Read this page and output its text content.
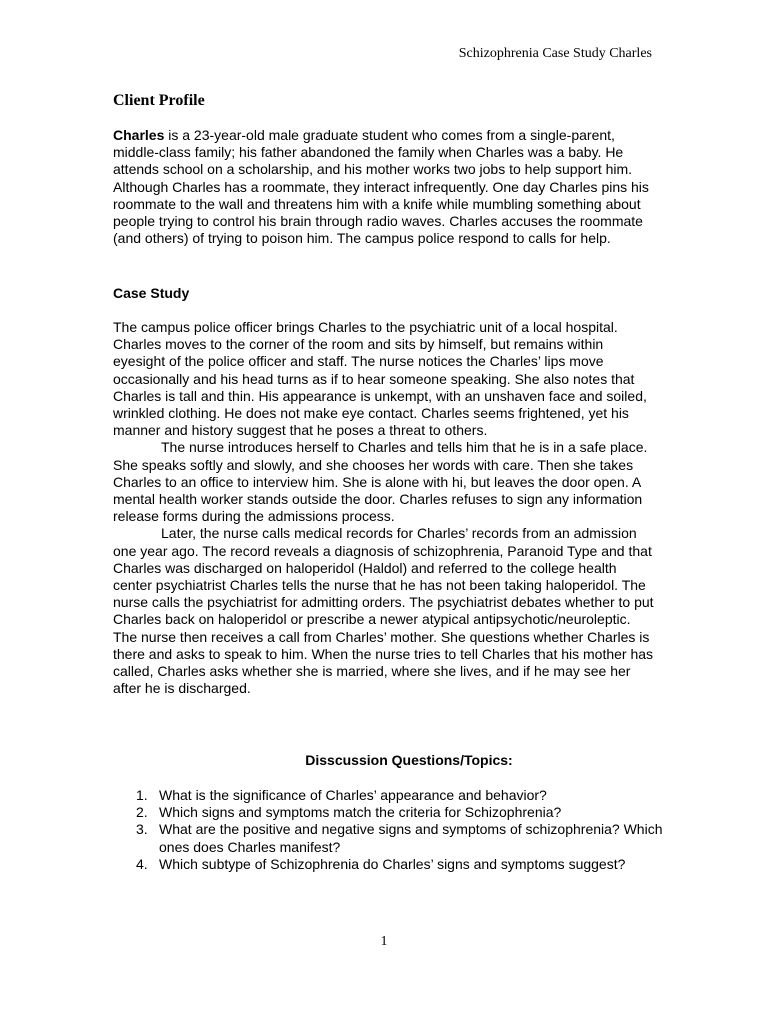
Schizophrenia Case Study Charles
Client Profile

Charles is a 23-year-old male graduate student who comes from a single-parent, middle-class family; his father abandoned the family when Charles was a baby. He attends school on a scholarship, and his mother works two jobs to help support him. Although Charles has a roommate, they interact infrequently. One day Charles pins his roommate to the wall and threatens him with a knife while mumbling something about people trying to control his brain through radio waves. Charles accuses the roommate (and others) of trying to poison him. The campus police respond to calls for help.

Case Study

The campus police officer brings Charles to the psychiatric unit of a local hospital. Charles moves to the corner of the room and sits by himself, but remains within eyesight of the police officer and staff. The nurse notices the Charles’ lips move occasionally and his head turns as if to hear someone speaking. She also notes that Charles is tall and thin. His appearance is unkempt, with an unshaven face and soiled, wrinkled clothing. He does not make eye contact. Charles seems frightened, yet his manner and history suggest that he poses a threat to others.

The nurse introduces herself to Charles and tells him that he is in a safe place. She speaks softly and slowly, and she chooses her words with care. Then she takes Charles to an office to interview him. She is alone with hi, but leaves the door open. A mental health worker stands outside the door. Charles refuses to sign any information release forms during the admissions process.

Later, the nurse calls medical records for Charles’ records from an admission one year ago. The record reveals a diagnosis of schizophrenia, Paranoid Type and that Charles was discharged on haloperidol (Haldol) and referred to the college health center psychiatrist Charles tells the nurse that he has not been taking haloperidol. The nurse calls the psychiatrist for admitting orders. The psychiatrist debates whether to put Charles back on haloperidol or prescribe a newer atypical antipsychotic/neuroleptic. The nurse then receives a call from Charles’ mother. She questions whether Charles is there and asks to speak to him. When the nurse tries to tell Charles that his mother has called, Charles asks whether she is married, where she lives, and if he may see her after he is discharged.

Disscussion Questions/Topics:
1. What is the significance of Charles’ appearance and behavior?
2. Which signs and symptoms match the criteria for Schizophrenia?
3. What are the positive and negative signs and symptoms of schizophrenia? Which ones does Charles manifest?
4. Which subtype of Schizophrenia do Charles’ signs and symptoms suggest?
1
